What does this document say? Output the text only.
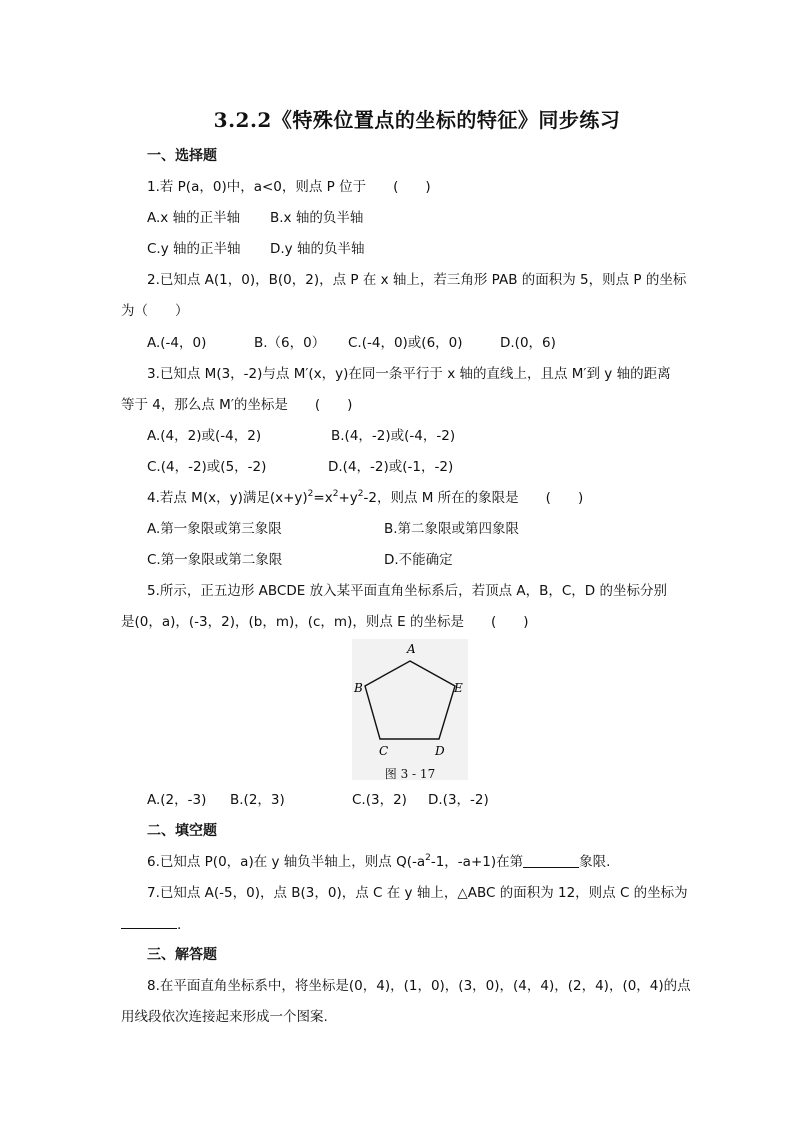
3.2.2《特殊位置点的坐标的特征》同步练习
一、选择题
1.若 P(a，0)中，a<0，则点 P 位于　　(　　)
A.x 轴的正半轴 B.x 轴的负半轴
C.y 轴的正半轴 D.y 轴的负半轴
2.已知点 A(1，0)，B(0，2)，点 P 在 x 轴上，若三角形 PAB 的面积为 5，则点 P 的坐标
为（　　）
A.(-4，0)	B.（6，0） C.(-4，0)或(6，0)	D.(0，6)
3.已知点 M(3，-2)与点 M′(x，y)在同一条平行于 x 轴的直线上，且点 M′到 y 轴的距离
等于 4，那么点 M′的坐标是　　(　　)
A.(4，2)或(-4，2)	B.(4，-2)或(-4，-2)
C.(4，-2)或(5，-2)	D.(4，-2)或(-1，-2)
4.若点 M(x，y)满足$(x+y)^2=x^2+y^2-2$，则点 M 所在的象限是　　(　　)
A.第一象限或第三象限	B.第二象限或第四象限
C.第一象限或第二象限	D.不能确定
5.所示，正五边形 ABCDE 放入某平面直角坐标系后，若顶点 A，B，C，D 的坐标分别
是(0，a)，(-3，2)，(b，m)，(c，m)，则点 E 的坐标是　　(　　)
A
B	E
C	D
图 3 - 17
A.(2，-3) B.(2，3)	C.(3，2) D.(3，-2)
二、填空题
6.已知点 P(0，a)在 y 轴负半轴上，则点 $Q(-a^2-1$，-a+1)在第	象限.
7.已知点 A(-5，0)，点 B(3，0)，点 C 在 y 轴上，△ABC 的面积为 12，则点 C 的坐标为
.
三、解答题
8.在平面直角坐标系中，将坐标是(0，4)，(1，0)，(3，0)，(4，4)，(2，4)，(0，4)的点
用线段依次连接起来形成一个图案.
